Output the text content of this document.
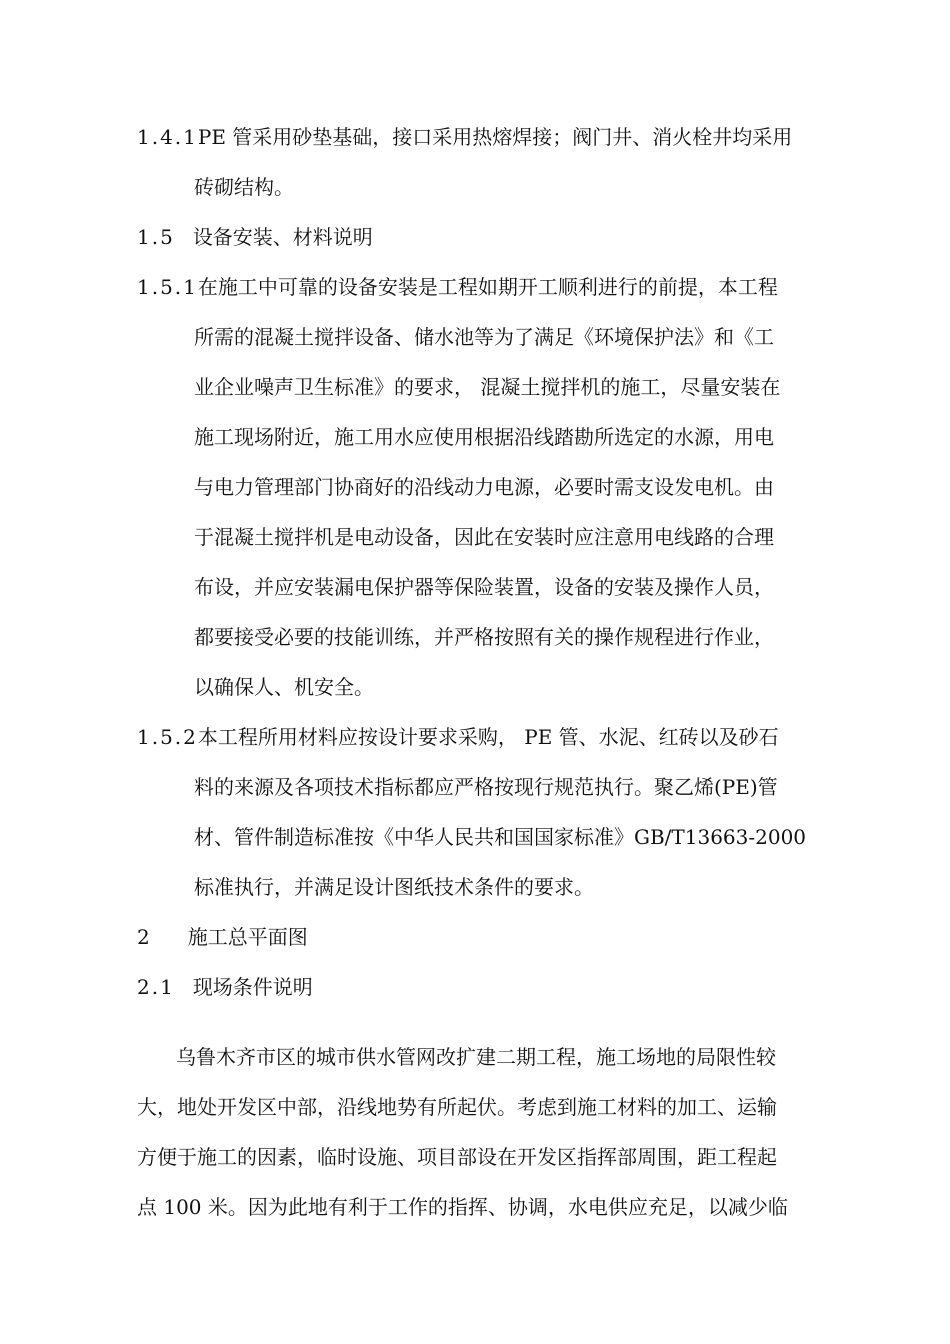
1.4.1PE 管采用砂垫基础，接口采用热熔焊接；阀门井、消火栓井均采用
砖砌结构。
1.5 设备安装、材料说明
1.5.1在施工中可靠的设备安装是工程如期开工顺利进行的前提，本工程
所需的混凝土搅拌设备、储水池等为了满足《环境保护法》和《工
业企业噪声卫生标准》的要求， 混凝土搅拌机的施工，尽量安装在
施工现场附近，施工用水应使用根据沿线踏勘所选定的水源，用电
与电力管理部门协商好的沿线动力电源，必要时需支设发电机。由
于混凝土搅拌机是电动设备，因此在安装时应注意用电线路的合理
布设，并应安装漏电保护器等保险装置，设备的安装及操作人员，
都要接受必要的技能训练，并严格按照有关的操作规程进行作业，
以确保人、机安全。
1.5.2本工程所用材料应按设计要求采购， PE 管、水泥、红砖以及砂石
料的来源及各项技术指标都应严格按现行规范执行。聚乙烯(PE)管
材、管件制造标准按《中华人民共和国国家标准》GB/T13663-2000
标准执行，并满足设计图纸技术条件的要求。
2 施工总平面图
2.1 现场条件说明
乌鲁木齐市区的城市供水管网改扩建二期工程，施工场地的局限性较
大，地处开发区中部，沿线地势有所起伏。考虑到施工材料的加工、运输
方便于施工的因素，临时设施、项目部设在开发区指挥部周围，距工程起
点 100 米。因为此地有利于工作的指挥、协调，水电供应充足，以减少临
